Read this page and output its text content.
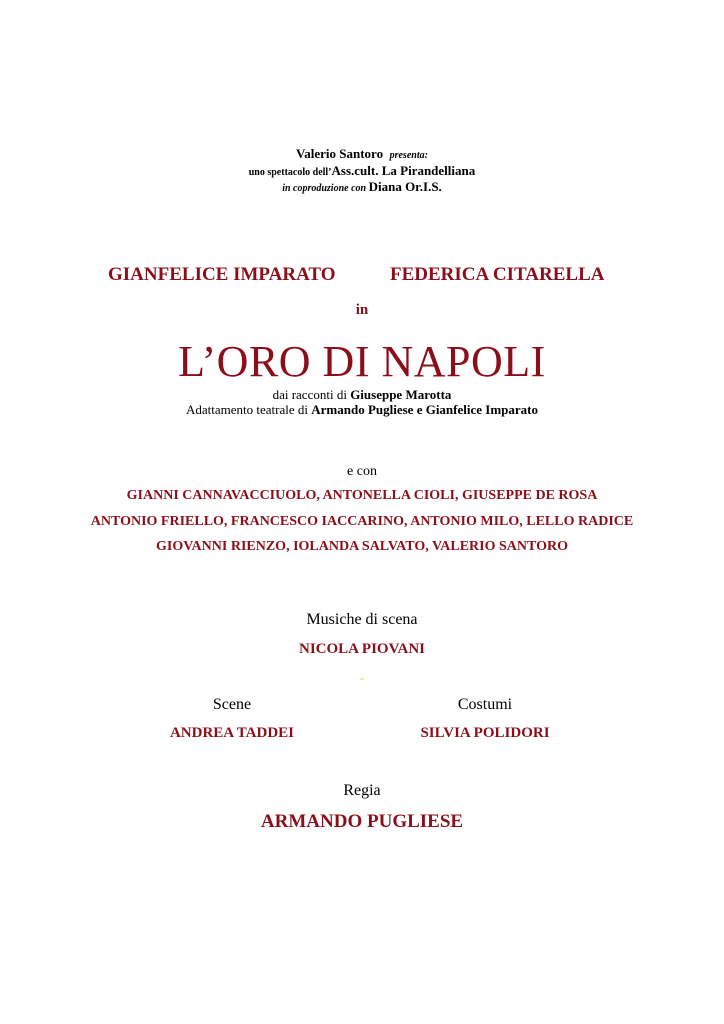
Valerio Santoro presenta:
uno spettacolo dell’Ass.cult. La Pirandelliana
in coproduzione con Diana Or.I.S.
GIANFELICE IMPARATO	FEDERICA CITARELLA
in
L’ORO DI NAPOLI
dai racconti di Giuseppe Marotta
Adattamento teatrale di Armando Pugliese e Gianfelice Imparato
e con
GIANNI CANNAVACCIUOLO, ANTONELLA CIOLI, GIUSEPPE DE ROSA
ANTONIO FRIELLO, FRANCESCO IACCARINO, ANTONIO MILO, LELLO RADICE
GIOVANNI RIENZO, IOLANDA SALVATO, VALERIO SANTORO
Musiche di scena
NICOLA PIOVANI
-
Scene	Costumi
ANDREA TADDEI	SILVIA POLIDORI
Regia
ARMANDO PUGLIESE
